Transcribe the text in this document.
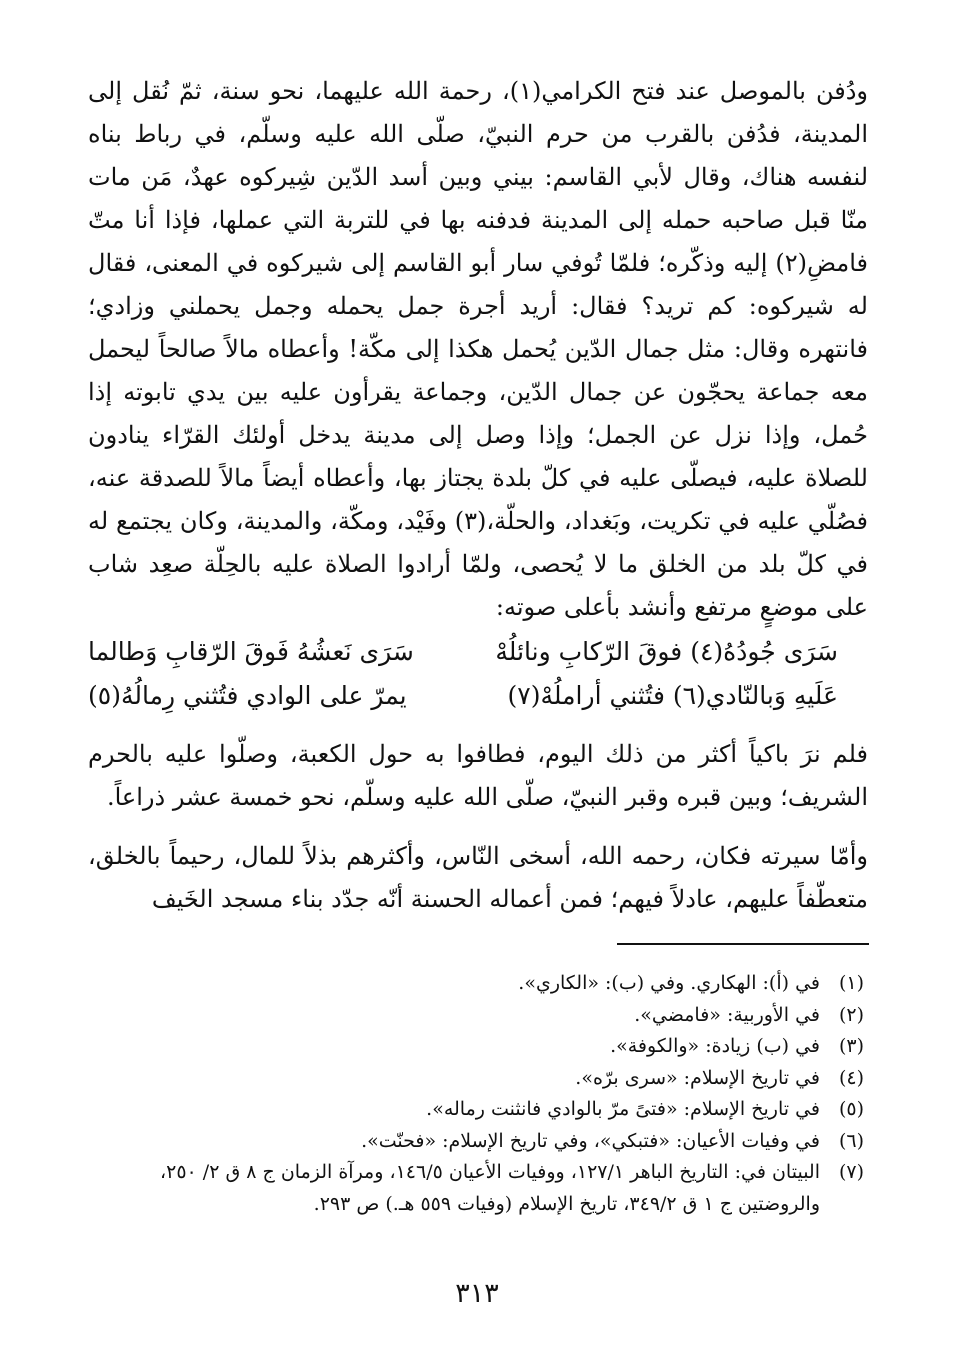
ودُفن بالموصل عند فتح الكرامي(١)، رحمة الله عليهما، نحو سنة، ثمّ نُقل إلى المدينة، فدُفن بالقرب من حرم النبيّ، صلّى الله عليه وسلّم، في رباط بناه لنفسه هناك، وقال لأبي القاسم: بيني وبين أسد الدّين شِيركوه عهدٌ، مَن مات منّا قبل صاحبه حمله إلى المدينة فدفنه بها في للتربة التي عملها، فإذا أنا متّ فامضِ(٢) إليه وذكّره؛ فلمّا تُوفي سار أبو القاسم إلى شيركوه في المعنى، فقال له شيركوه: كم تريد؟ فقال: أريد أجرة جمل يحمله وجمل يحملني وزادي؛ فانتهره وقال: مثل جمال الدّين يُحمل هكذا إلى مكّة! وأعطاه مالاً صالحاً ليحمل معه جماعة يحجّون عن جمال الدّين، وجماعة يقرأون عليه بين يدي تابوته إذا حُمل، وإذا نزل عن الجمل؛ وإذا وصل إلى مدينة يدخل أولئك القرّاء ينادون للصلاة عليه، فيصلّى عليه في كلّ بلدة يجتاز بها، وأعطاه أيضاً مالاً للصدقة عنه، فصُلّي عليه في تكريت، وبَغداد، والحلّة،(٣) وفَيْد، ومكّة، والمدينة، وكان يجتمع له في كلّ بلد من الخلق ما لا يُحصى، ولمّا أرادوا الصلاة عليه بالحِلّة صعِد شاب على موضعٍ مرتفع وأنشد بأعلى صوته:

سَرَى جُودُهُ(٤) فوقَ الرّكابِ ونائلُهْ
سَرَى نَعشُهُ فَوقَ الرّقابِ وَطالما
عَلَيهِ وَبالنّادي(٦) فتُثني أراملُهْ(٧)
يمرّ على الوادي فتُثني رِمالُهُ(٥)

فلم نرَ باكياً أكثر من ذلك اليوم، فطافوا به حول الكعبة، وصلّوا عليه بالحرم الشريف؛ وبين قبره وقبر النبيّ، صلّى الله عليه وسلّم، نحو خمسة عشر ذراعاً.

وأمّا سيرته فكان، رحمه الله، أسخى النّاس، وأكثرهم بذلاً للمال، رحيماً بالخلق، متعطّفاً عليهم، عادلاً فيهم؛ فمن أعماله الحسنة أنّه جدّد بناء مسجد الخَيف

(١)
في (أ): الهكاري. وفي (ب): «الكاري».
(٢)
في الأوربية: «فامضي».
(٣)
في (ب) زيادة: «والكوفة».
(٤)
في تاريخ الإسلام: «سرى برّه».
(٥)
في تاريخ الإسلام: «فتىً مرّ بالوادي فانثنت رماله».
(٦)
في وفيات الأعيان: «فتبكي»، وفي تاريخ الإسلام: «فحنّت».
(٧)
البيتان في: التاريخ الباهر ١٢٧/١، ووفيات الأعيان ١٤٦/٥، ومرآة الزمان ج ٨ ق ٢/ ٢٥٠، والروضتين ج ١ ق ٣٤٩/٢، تاريخ الإسلام (وفيات ٥٥٩ هـ.) ص ٢٩٣.
٣١٣
